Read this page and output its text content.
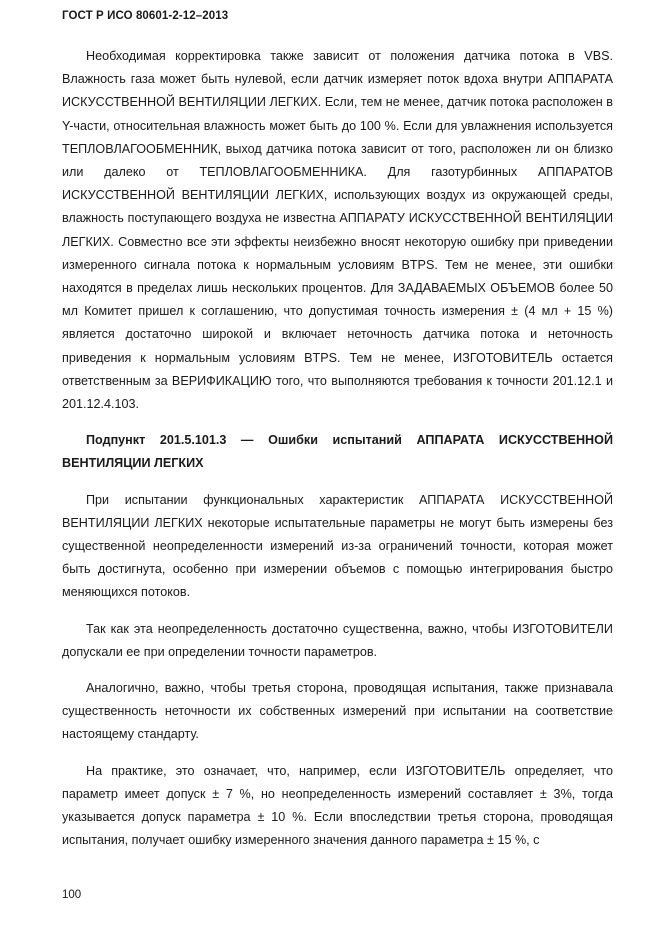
ГОСТ Р ИСО 80601-2-12–2013

Необходимая корректировка также зависит от положения датчика потока в VBS. Влажность газа может быть нулевой, если датчик измеряет поток вдоха внутри АППАРАТА ИСКУССТВЕННОЙ ВЕНТИЛЯЦИИ ЛЕГКИХ. Если, тем не менее, датчик потока расположен в Y-части, относительная влажность может быть до 100 %. Если для увлажнения используется ТЕПЛОВЛАГООБМЕННИК, выход датчика потока зависит от того, расположен ли он близко или далеко от ТЕПЛОВЛАГООБМЕННИКА. Для газотурбинных АППАРАТОВ ИСКУССТВЕННОЙ ВЕНТИЛЯЦИИ ЛЕГКИХ, использующих воздух из окружающей среды, влажность поступающего воздуха не известна АППАРАТУ ИСКУССТВЕННОЙ ВЕНТИЛЯЦИИ ЛЕГКИХ. Совместно все эти эффекты неизбежно вносят некоторую ошибку при приведении измеренного сигнала потока к нормальным условиям BTPS. Тем не менее, эти ошибки находятся в пределах лишь нескольких процентов. Для ЗАДАВАЕМЫХ ОБЪЕМОВ более 50 мл Комитет пришел к соглашению, что допустимая точность измерения ± (4 мл + 15 %) является достаточно широкой и включает неточность датчика потока и неточность приведения к нормальным условиям BTPS. Тем не менее, ИЗГОТОВИТЕЛЬ остается ответственным за ВЕРИФИКАЦИЮ того, что выполняются требования к точности 201.12.1 и 201.12.4.103.

Подпункт 201.5.101.3 — Ошибки испытаний АППАРАТА ИСКУССТВЕННОЙ ВЕНТИЛЯЦИИ ЛЕГКИХ

При испытании функциональных характеристик АППАРАТА ИСКУССТВЕННОЙ ВЕНТИЛЯЦИИ ЛЕГКИХ некоторые испытательные параметры не могут быть измерены без существенной неопределенности измерений из-за ограничений точности, которая может быть достигнута, особенно при измерении объемов с помощью интегрирования быстро меняющихся потоков.

Так как эта неопределенность достаточно существенна, важно, чтобы ИЗГОТОВИТЕЛИ допускали ее при определении точности параметров.

Аналогично, важно, чтобы третья сторона, проводящая испытания, также признавала существенность неточности их собственных измерений при испытании на соответствие настоящему стандарту.

На практике, это означает, что, например, если ИЗГОТОВИТЕЛЬ определяет, что параметр имеет допуск ± 7 %, но неопределенность измерений составляет ± 3%, тогда указывается допуск параметра ± 10 %. Если впоследствии третья сторона, проводящая испытания, получает ошибку измеренного значения данного параметра ± 15 %, с

100
